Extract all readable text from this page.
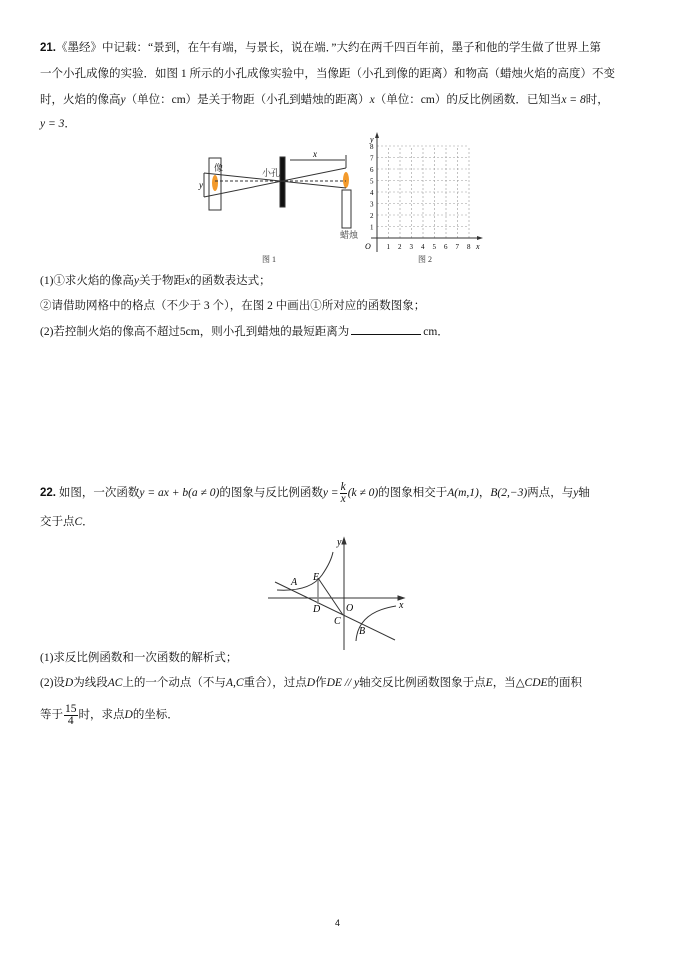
21.《墨经》中记载：“景到，在午有端，与景长，说在端．”大约在两千四百年前，墨子和他的学生做了世界上第
一个小孔成像的实验．如图 1 所示的小孔成像实验中，当像距（小孔到像的距离）和物高（蜡烛火焰的高度）不变
时，火焰的像高y（单位：cm）是关于物距（小孔到蜡烛的距离）x（单位：cm）的反比例函数．已知当x = 8时，
y = 3．
像	小孔
蜡烛
x
y
图 1
1
1
2
2
3
3
4
4
5
5
6
6
7
7
8
8
O	x
y
图 2
y
x
O
A E
D
C
B
(1)①求火焰的像高y关于物距x的函数表达式；
②请借助网格中的格点（不少于 3 个），在图 2 中画出①所对应的函数图象；
(2)若控制火焰的像高不超过5cm，则小孔到蜡烛的最短距离为	cm．
22. 如图，一次函数y = ax + b(a ≠ 0)的图象与反比例函数$y = \frac{k}{x} (k \ne 0)$的图象相交于A(m,1)，B(2,−3)两点，与y轴
交于点C．
(1)求反比例函数和一次函数的解析式；
(2)设D为线段AC上的一个动点（不与A,C重合），过点D作DE // y轴交反比例函数图象于点E，当△CDE的面积
等于 $\frac{15}{4}$ 时，求点D的坐标．
4
